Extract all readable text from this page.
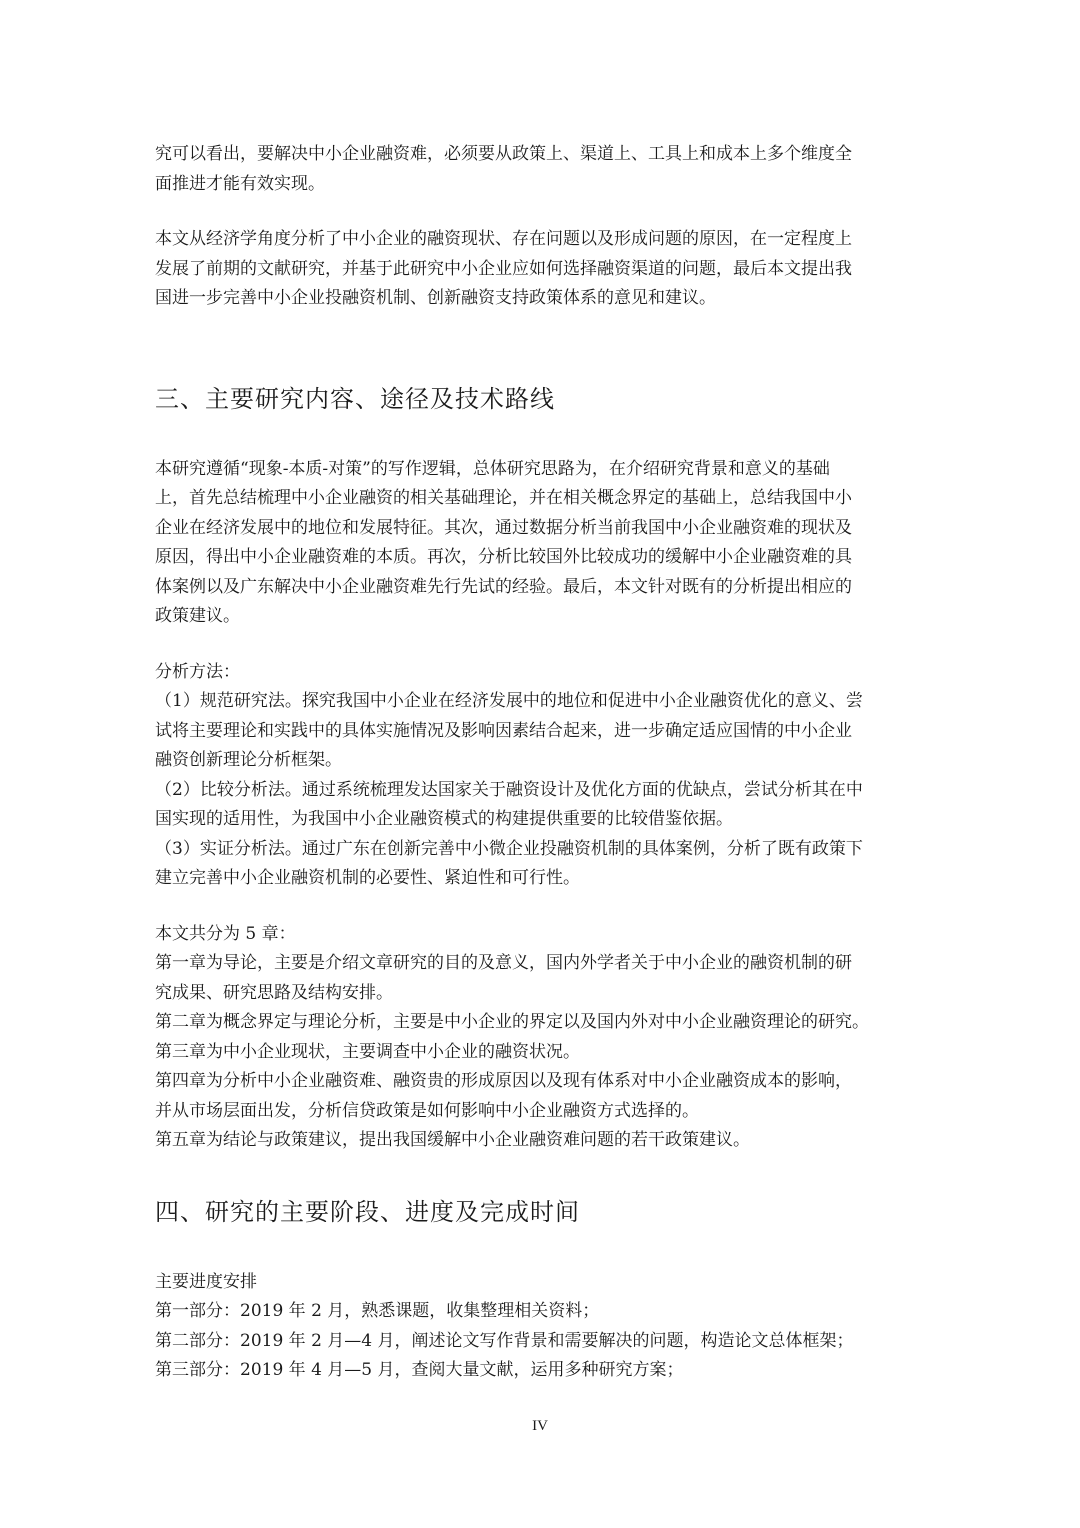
究可以看出，要解决中小企业融资难，必须要从政策上、渠道上、工具上和成本上多个维度全
面推进才能有效实现。
本文从经济学角度分析了中小企业的融资现状、存在问题以及形成问题的原因，在一定程度上
发展了前期的文献研究，并基于此研究中小企业应如何选择融资渠道的问题，最后本文提出我
国进一步完善中小企业投融资机制、创新融资支持政策体系的意见和建议。
三、主要研究内容、途径及技术路线
本研究遵循“现象-本质-对策”的写作逻辑，总体研究思路为，在介绍研究背景和意义的基础
上，首先总结梳理中小企业融资的相关基础理论，并在相关概念界定的基础上，总结我国中小
企业在经济发展中的地位和发展特征。其次，通过数据分析当前我国中小企业融资难的现状及
原因，得出中小企业融资难的本质。再次，分析比较国外比较成功的缓解中小企业融资难的具
体案例以及广东解决中小企业融资难先行先试的经验。最后，本文针对既有的分析提出相应的
政策建议。
分析方法：
（1）规范研究法。探究我国中小企业在经济发展中的地位和促进中小企业融资优化的意义、尝
试将主要理论和实践中的具体实施情况及影响因素结合起来，进一步确定适应国情的中小企业
融资创新理论分析框架。
（2）比较分析法。通过系统梳理发达国家关于融资设计及优化方面的优缺点，尝试分析其在中
国实现的适用性，为我国中小企业融资模式的构建提供重要的比较借鉴依据。
（3）实证分析法。通过广东在创新完善中小微企业投融资机制的具体案例，分析了既有政策下
建立完善中小企业融资机制的必要性、紧迫性和可行性。
本文共分为 5 章：
第一章为导论，主要是介绍文章研究的目的及意义，国内外学者关于中小企业的融资机制的研
究成果、研究思路及结构安排。
第二章为概念界定与理论分析，主要是中小企业的界定以及国内外对中小企业融资理论的研究。
第三章为中小企业现状，主要调查中小企业的融资状况。
第四章为分析中小企业融资难、融资贵的形成原因以及现有体系对中小企业融资成本的影响，
并从市场层面出发，分析信贷政策是如何影响中小企业融资方式选择的。
第五章为结论与政策建议，提出我国缓解中小企业融资难问题的若干政策建议。
四、研究的主要阶段、进度及完成时间
主要进度安排
第一部分：2019 年 2 月，熟悉课题，收集整理相关资料；
第二部分：2019 年 2 月—4 月，阐述论文写作背景和需要解决的问题，构造论文总体框架；
第三部分：2019 年 4 月—5 月，查阅大量文献，运用多种研究方案；
IV
